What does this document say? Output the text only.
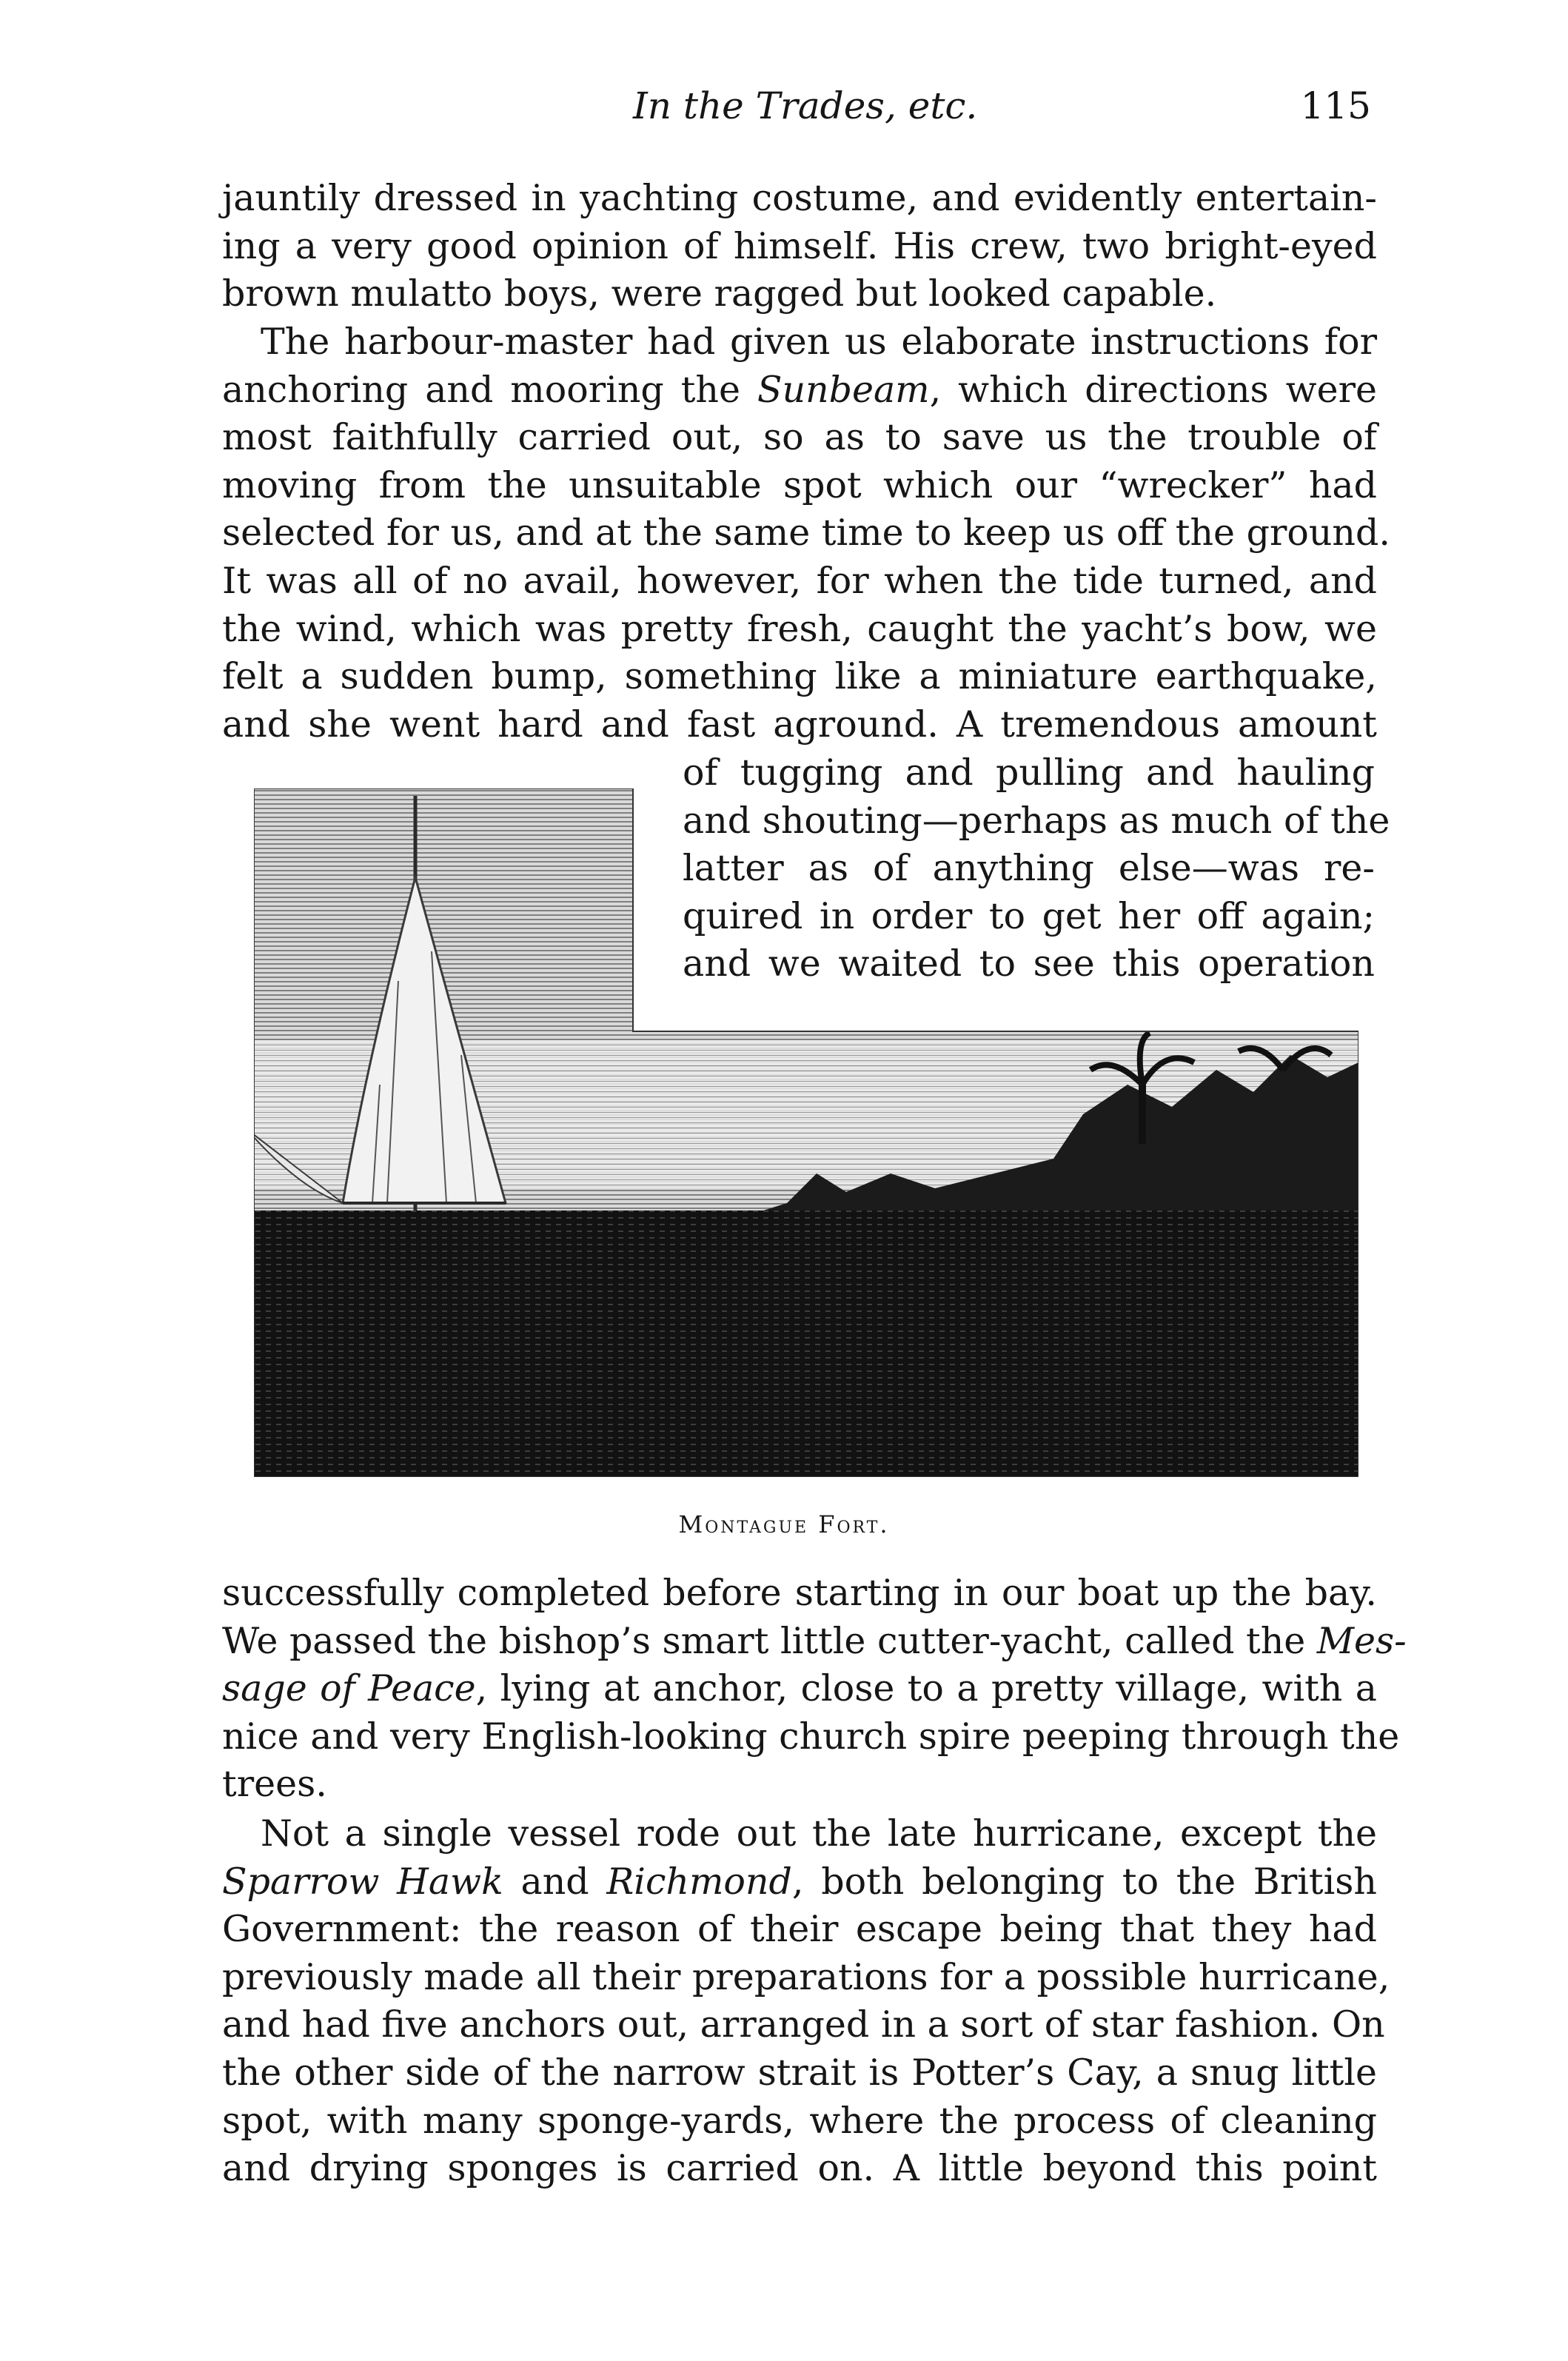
In the Trades, etc.	115
jauntily dressed in yachting costume, and evidently entertain-
ing a very good opinion of himself. His crew, two bright-eyed
brown mulatto boys, were ragged but looked capable.
The harbour-master had given us elaborate instructions for
anchoring and mooring the Sunbeam, which directions were
most faithfully carried out, so as to save us the trouble of
moving from the unsuitable spot which our “wrecker” had
selected for us, and at the same time to keep us off the ground.
It was all of no avail, however, for when the tide turned, and
the wind, which was pretty fresh, caught the yacht’s bow, we
felt a sudden bump, something like a miniature earthquake,
and she went hard and fast aground. A tremendous amount
of tugging and pulling and hauling
and shouting—perhaps as much of the
latter as of anything else—was re-
quired in order to get her off again;
and we waited to see this operation
Montague Fort.
successfully completed before starting in our boat up the bay.
We passed the bishop’s smart little cutter-yacht, called the Mes-
sage of Peace, lying at anchor, close to a pretty village, with a
nice and very English-looking church spire peeping through the
trees.
Not a single vessel rode out the late hurricane, except the
Sparrow Hawk and Richmond, both belonging to the British
Government: the reason of their escape being that they had
previously made all their preparations for a possible hurricane,
and had five anchors out, arranged in a sort of star fashion. On
the other side of the narrow strait is Potter’s Cay, a snug little
spot, with many sponge-yards, where the process of cleaning
and drying sponges is carried on. A little beyond this point
